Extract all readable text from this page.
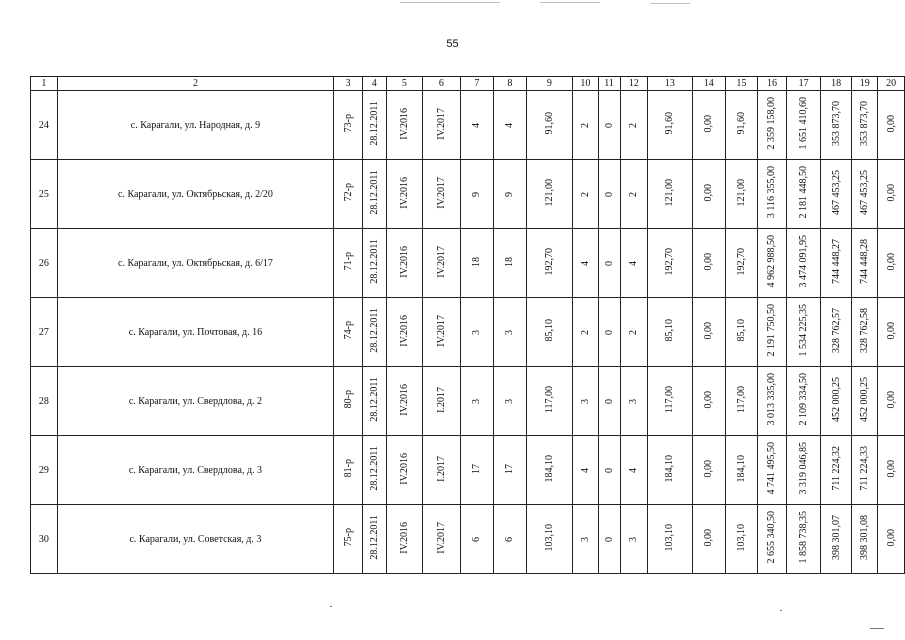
55
1	2	3	4	5	6	7	8	9	10	11	12	13	14	15	16	17	18	19	20
24	с. Карагали, ул. Народная, д. 9	73-р	28.12.2011	IV.2016	IV.2017	4	4	91,60	2	0	2	91,60	0,00	91,60	2 359 158,00	1 651 410,60	353 873,70	353 873,70	0,00
25	с. Карагали, ул. Октябрьская, д. 2/20	72-р	28.12.2011	IV.2016	IV.2017	9	9	121,00	2	0	2	121,00	0,00	121,00	3 116 355,00	2 181 448,50	467 453,25	467 453,25	0,00
26	с. Карагали, ул. Октябрьская, д. 6/17	71-р	28.12.2011	IV.2016	IV.2017	18	18	192,70	4	0	4	192,70	0,00	192,70	4 962 988,50	3 474 091,95	744 448,27	744 448,28	0,00
27	с. Карагали, ул. Почтовая, д. 16	74-р	28.12.2011	IV.2016	IV.2017	3	3	85,10	2	0	2	85,10	0,00	85,10	2 191 750,50	1 534 225,35	328 762,57	328 762,58	0,00
28	с. Карагали, ул. Свердлова, д. 2	80-р	28.12.2011	IV.2016	I.2017	3	3	117,00	3	0	3	117,00	0,00	117,00	3 013 335,00	2 109 334,50	452 000,25	452 000,25	0,00
29	с. Карагали, ул. Свердлова, д. 3	81-р	28.12.2011	IV.2016	I.2017	17	17	184,10	4	0	4	184,10	0,00	184,10	4 741 495,50	3 319 046,85	711 224,32	711 224,33	0,00
30	с. Карагали, ул. Советская, д. 3	75-р	28.12.2011	IV.2016	IV.2017	6	6	103,10	3	0	3	103,10	0,00	103,10	2 655 340,50	1 858 738,35	398 301,07	398 301,08	0,00
